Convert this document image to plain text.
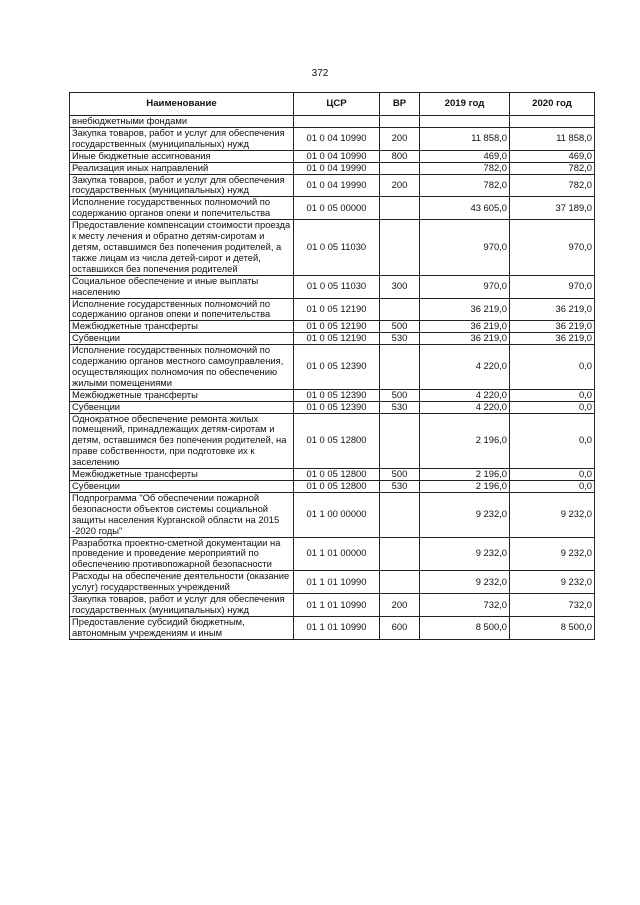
372
Наименование	ЦСР	ВР	2019 год	2020 год
внебюджетными фондами				
Закупка товаров, работ и услуг для обеспечения государственных (муниципальных) нужд	01 0 04 10990	200	11 858,0	11 858,0
Иные бюджетные ассигнования	01 0 04 10990	800	469,0	469,0
Реализация иных направлений	01 0 04 19990		782,0	782,0
Закупка товаров, работ и услуг для обеспечения государственных (муниципальных) нужд	01 0 04 19990	200	782,0	782,0
Исполнение государственных полномочий по содержанию органов опеки и попечительства	01 0 05 00000		43 605,0	37 189,0
Предоставление компенсации стоимости проезда к месту лечения и обратно детям-сиротам и детям, оставшимся без попечения родителей, а также лицам из числа детей-сирот и детей, оставшихся без попечения родителей	01 0 05 11030		970,0	970,0
Социальное обеспечение и иные выплаты населению	01 0 05 11030	300	970,0	970,0
Исполнение государственных полномочий по содержанию органов опеки и попечительства	01 0 05 12190		36 219,0	36 219,0
Межбюджетные трансферты	01 0 05 12190	500	36 219,0	36 219,0
Субвенции	01 0 05 12190	530	36 219,0	36 219,0
Исполнение государственных полномочий по содержанию органов местного самоуправления, осуществляющих полномочия по обеспечению жилыми помещениями	01 0 05 12390		4 220,0	0,0
Межбюджетные трансферты	01 0 05 12390	500	4 220,0	0,0
Субвенции	01 0 05 12390	530	4 220,0	0,0
Однократное обеспечение ремонта жилых помещений, принадлежащих детям-сиротам и детям, оставшимся без попечения родителей, на праве собственности, при подготовке их к заселению	01 0 05 12800		2 196,0	0,0
Межбюджетные трансферты	01 0 05 12800	500	2 196,0	0,0
Субвенции	01 0 05 12800	530	2 196,0	0,0
Подпрограмма "Об обеспечении пожарной безопасности объектов системы социальной защиты населения Курганской области на 2015 -2020 годы"	01 1 00 00000		9 232,0	9 232,0
Разработка проектно-сметной документации на проведение и проведение мероприятий по обеспечению противопожарной безопасности	01 1 01 00000		9 232,0	9 232,0
Расходы на обеспечение деятельности (оказание услуг) государственных учреждений	01 1 01 10990		9 232,0	9 232,0
Закупка товаров, работ и услуг для обеспечения государственных (муниципальных) нужд	01 1 01 10990	200	732,0	732,0
Предоставление субсидий бюджетным, автономным учреждениям и иным	01 1 01 10990	600	8 500,0	8 500,0
